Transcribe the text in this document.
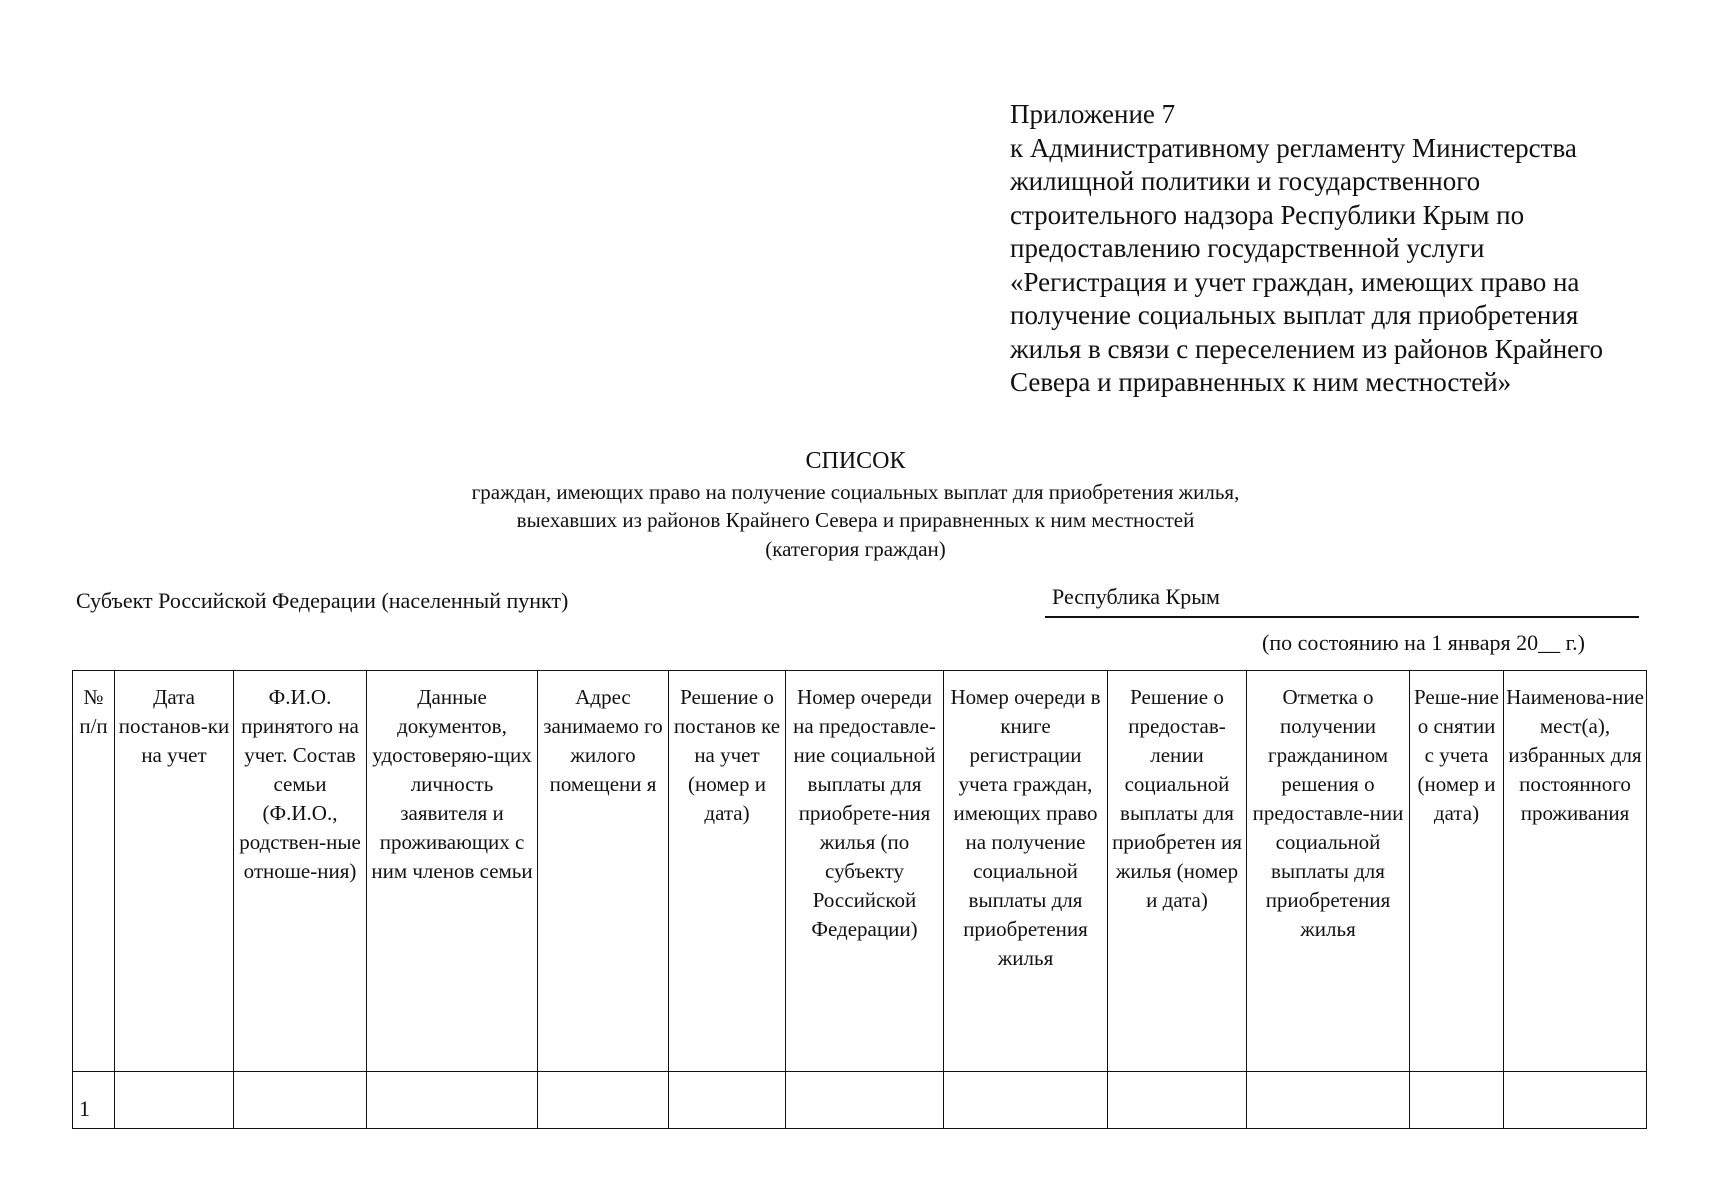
Приложение 7
к Административному регламенту Министерства
жилищной политики и государственного
строительного надзора Республики Крым по
предоставлению государственной услуги
«Регистрация и учет граждан, имеющих право на
получение социальных выплат для приобретения
жилья в связи с переселением из районов Крайнего
Севера и приравненных к ним местностей»
СПИСОК
граждан, имеющих право на получение социальных выплат для приобретения жилья,
выехавших из районов Крайнего Севера и приравненных к ним местностей
(категория граждан)
Субъект Российской Федерации (населенный пункт)	Республика Крым
(по состоянию на 1 января 20__ г.)
№ п/п	Дата постанов-ки на учет	Ф.И.О. принятого на учет. Состав семьи (Ф.И.О., родствен-ные отноше-ния)	Данные документов, удостоверяю-щих личность заявителя и проживающих с ним членов семьи	Адрес занимаемо го жилого помещени я	Решение о постанов ке на учет (номер и дата)	Номер очереди на предоставле-ние социальной выплаты для приобрете-ния жилья (по субъекту Российской Федерации)	Номер очереди в книге регистрации учета граждан, имеющих право на получение социальной выплаты для приобретения жилья	Решение о предостав-лении социальной выплаты для приобретен ия жилья (номер и дата)	Отметка о получении гражданином решения о предоставле-нии социальной выплаты для приобретения жилья	Реше-ние о снятии с учета (номер и дата)	Наименова-ние мест(а), избранных для постоянного проживания
1											
